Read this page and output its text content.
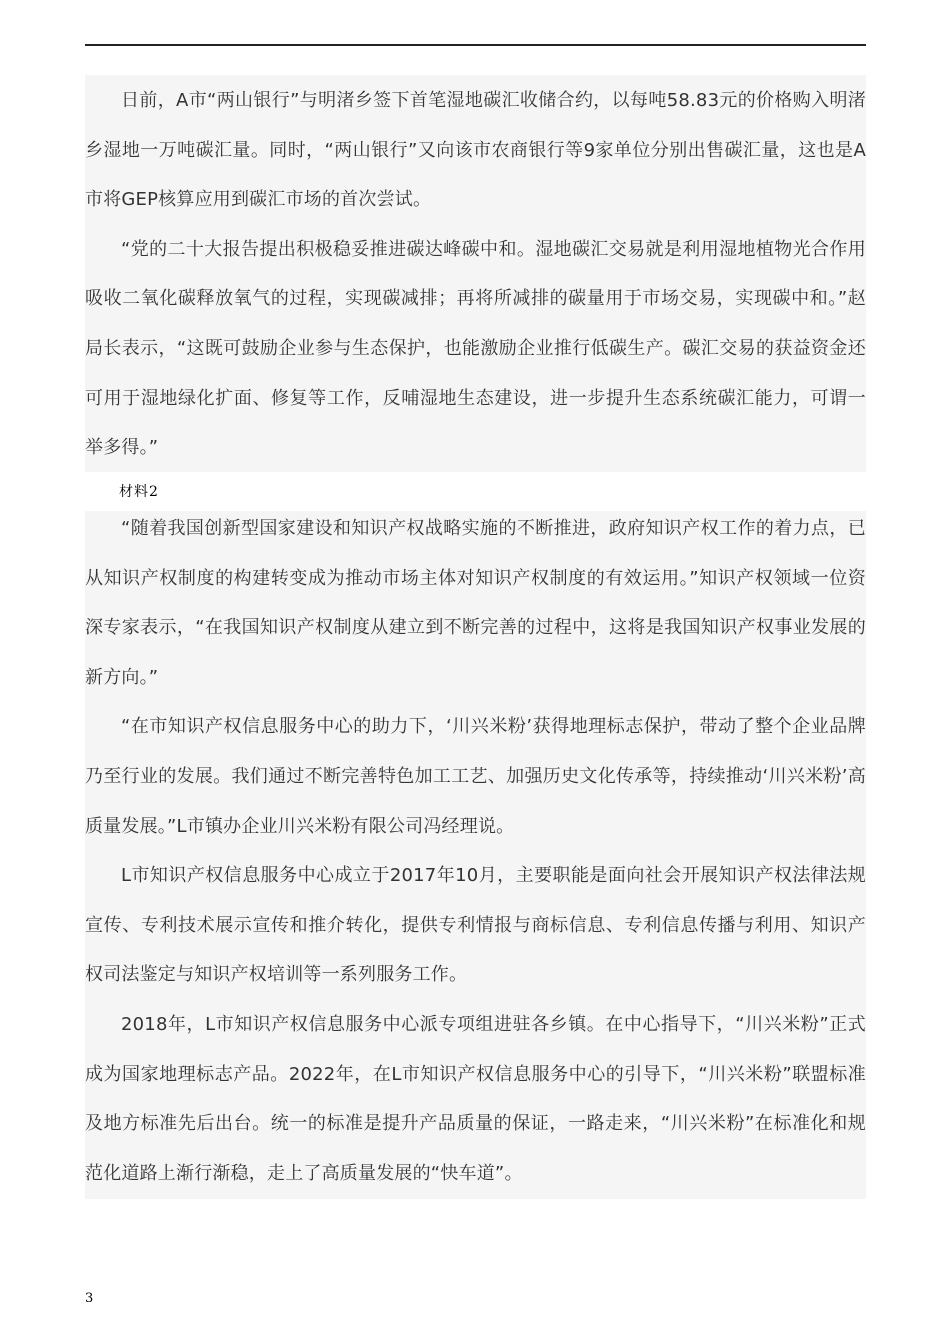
日前，A市“两山银行”与明渚乡签下首笔湿地碳汇收储合约，以每吨58.83元的价格购入明渚乡湿地一万吨碳汇量。同时，“两山银行”又向该市农商银行等9家单位分别出售碳汇量，这也是A市将GEP核算应用到碳汇市场的首次尝试。

“党的二十大报告提出积极稳妥推进碳达峰碳中和。湿地碳汇交易就是利用湿地植物光合作用吸收二氧化碳释放氧气的过程，实现碳减排；再将所减排的碳量用于市场交易，实现碳中和。”赵局长表示，“这既可鼓励企业参与生态保护，也能激励企业推行低碳生产。碳汇交易的获益资金还可用于湿地绿化扩面、修复等工作，反哺湿地生态建设，进一步提升生态系统碳汇能力，可谓一举多得。”

材料2

“随着我国创新型国家建设和知识产权战略实施的不断推进，政府知识产权工作的着力点，已从知识产权制度的构建转变成为推动市场主体对知识产权制度的有效运用。”知识产权领域一位资深专家表示，“在我国知识产权制度从建立到不断完善的过程中，这将是我国知识产权事业发展的新方向。”

“在市知识产权信息服务中心的助力下，‘川兴米粉’获得地理标志保护，带动了整个企业品牌乃至行业的发展。我们通过不断完善特色加工工艺、加强历史文化传承等，持续推动‘川兴米粉’高质量发展。”L市镇办企业川兴米粉有限公司冯经理说。

L市知识产权信息服务中心成立于2017年10月，主要职能是面向社会开展知识产权法律法规宣传、专利技术展示宣传和推介转化，提供专利情报与商标信息、专利信息传播与利用、知识产权司法鉴定与知识产权培训等一系列服务工作。

2018年，L市知识产权信息服务中心派专项组进驻各乡镇。在中心指导下，“川兴米粉”正式成为国家地理标志产品。2022年，在L市知识产权信息服务中心的引导下，“川兴米粉”联盟标准及地方标准先后出台。统一的标准是提升产品质量的保证，一路走来，“川兴米粉”在标准化和规范化道路上渐行渐稳，走上了高质量发展的“快车道”。

3
